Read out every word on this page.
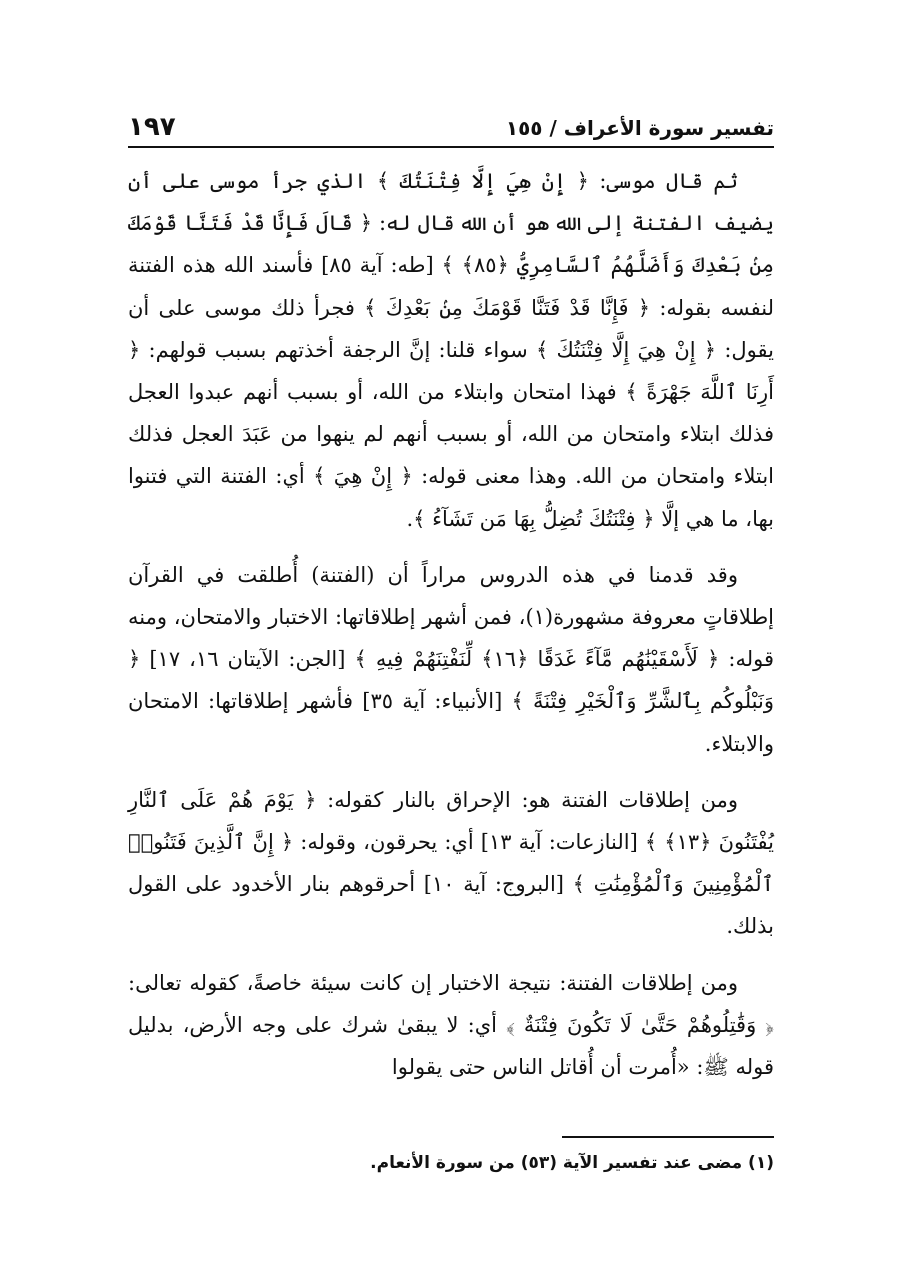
تفسير سورة الأعراف / ١٥٥
١٩٧

ثم قال موسى: ﴿ إِنْ هِيَ إِلَّا فِتْنَتُكَ ﴾ الذي جرأ موسى على أن يضيف الفتنة إلى الله هو أن الله قال له: ﴿ قَالَ فَإِنَّا قَدْ فَتَنَّا قَوْمَكَ مِنۢ بَعْدِكَ وَأَضَلَّهُمُ ٱلسَّامِرِيُّ ﴿٨٥﴾ ﴾ [طه: آية ٨٥] فأسند الله هذه الفتنة لنفسه بقوله: ﴿ فَإِنَّا قَدْ فَتَنَّا قَوْمَكَ مِنۢ بَعْدِكَ ﴾ فجرأ ذلك موسى على أن يقول: ﴿ إِنْ هِيَ إِلَّا فِتْنَتُكَ ﴾ سواء قلنا: إنَّ الرجفة أخذتهم بسبب قولهم: ﴿ أَرِنَا ٱللَّهَ جَهْرَةً ﴾ فهذا امتحان وابتلاء من الله، أو بسبب أنهم عبدوا العجل فذلك ابتلاء وامتحان من الله، أو بسبب أنهم لم ينهوا من عَبَدَ العجل فذلك ابتلاء وامتحان من الله. وهذا معنى قوله: ﴿ إِنْ هِيَ ﴾ أي: الفتنة التي فتنوا بها، ما هي إلَّا ﴿ فِتْنَتُكَ تُضِلُّ بِهَا مَن تَشَآءُ ﴾.

وقد قدمنا في هذه الدروس مراراً أن (الفتنة) أُطلقت في القرآن إطلاقاتٍ معروفة مشهورة(١)، فمن أشهر إطلاقاتها: الاختبار والامتحان، ومنه قوله: ﴿ لَأَسْقَيْنَٰهُم مَّآءً غَدَقًا ﴿١٦﴾ لِّنَفْتِنَهُمْ فِيهِ ﴾ [الجن: الآيتان ١٦، ١٧] ﴿ وَنَبْلُوكُم بِٱلشَّرِّ وَٱلْخَيْرِ فِتْنَةً ﴾ [الأنبياء: آية ٣٥] فأشهر إطلاقاتها: الامتحان والابتلاء.

ومن إطلاقات الفتنة هو: الإحراق بالنار كقوله: ﴿ يَوْمَ هُمْ عَلَى ٱلنَّارِ يُفْتَنُونَ ﴿١٣﴾ ﴾ [النازعات: آية ١٣] أي: يحرقون، وقوله: ﴿ إِنَّ ٱلَّذِينَ فَتَنُوا۟ ٱلْمُؤْمِنِينَ وَٱلْمُؤْمِنَٰتِ ﴾ [البروج: آية ١٠] أحرقوهم بنار الأخدود على القول بذلك.

ومن إطلاقات الفتنة: نتيجة الاختبار إن كانت سيئة خاصةً، كقوله تعالى: ﴿ وَقَٰتِلُوهُمْ حَتَّىٰ لَا تَكُونَ فِتْنَةٌ ﴾ أي: لا يبقىٰ شرك على وجه الأرض، بدليل قوله ﷺ: «أُمرت أن أُقاتل الناس حتى يقولوا

(١) مضى عند تفسير الآية (٥٣) من سورة الأنعام.
